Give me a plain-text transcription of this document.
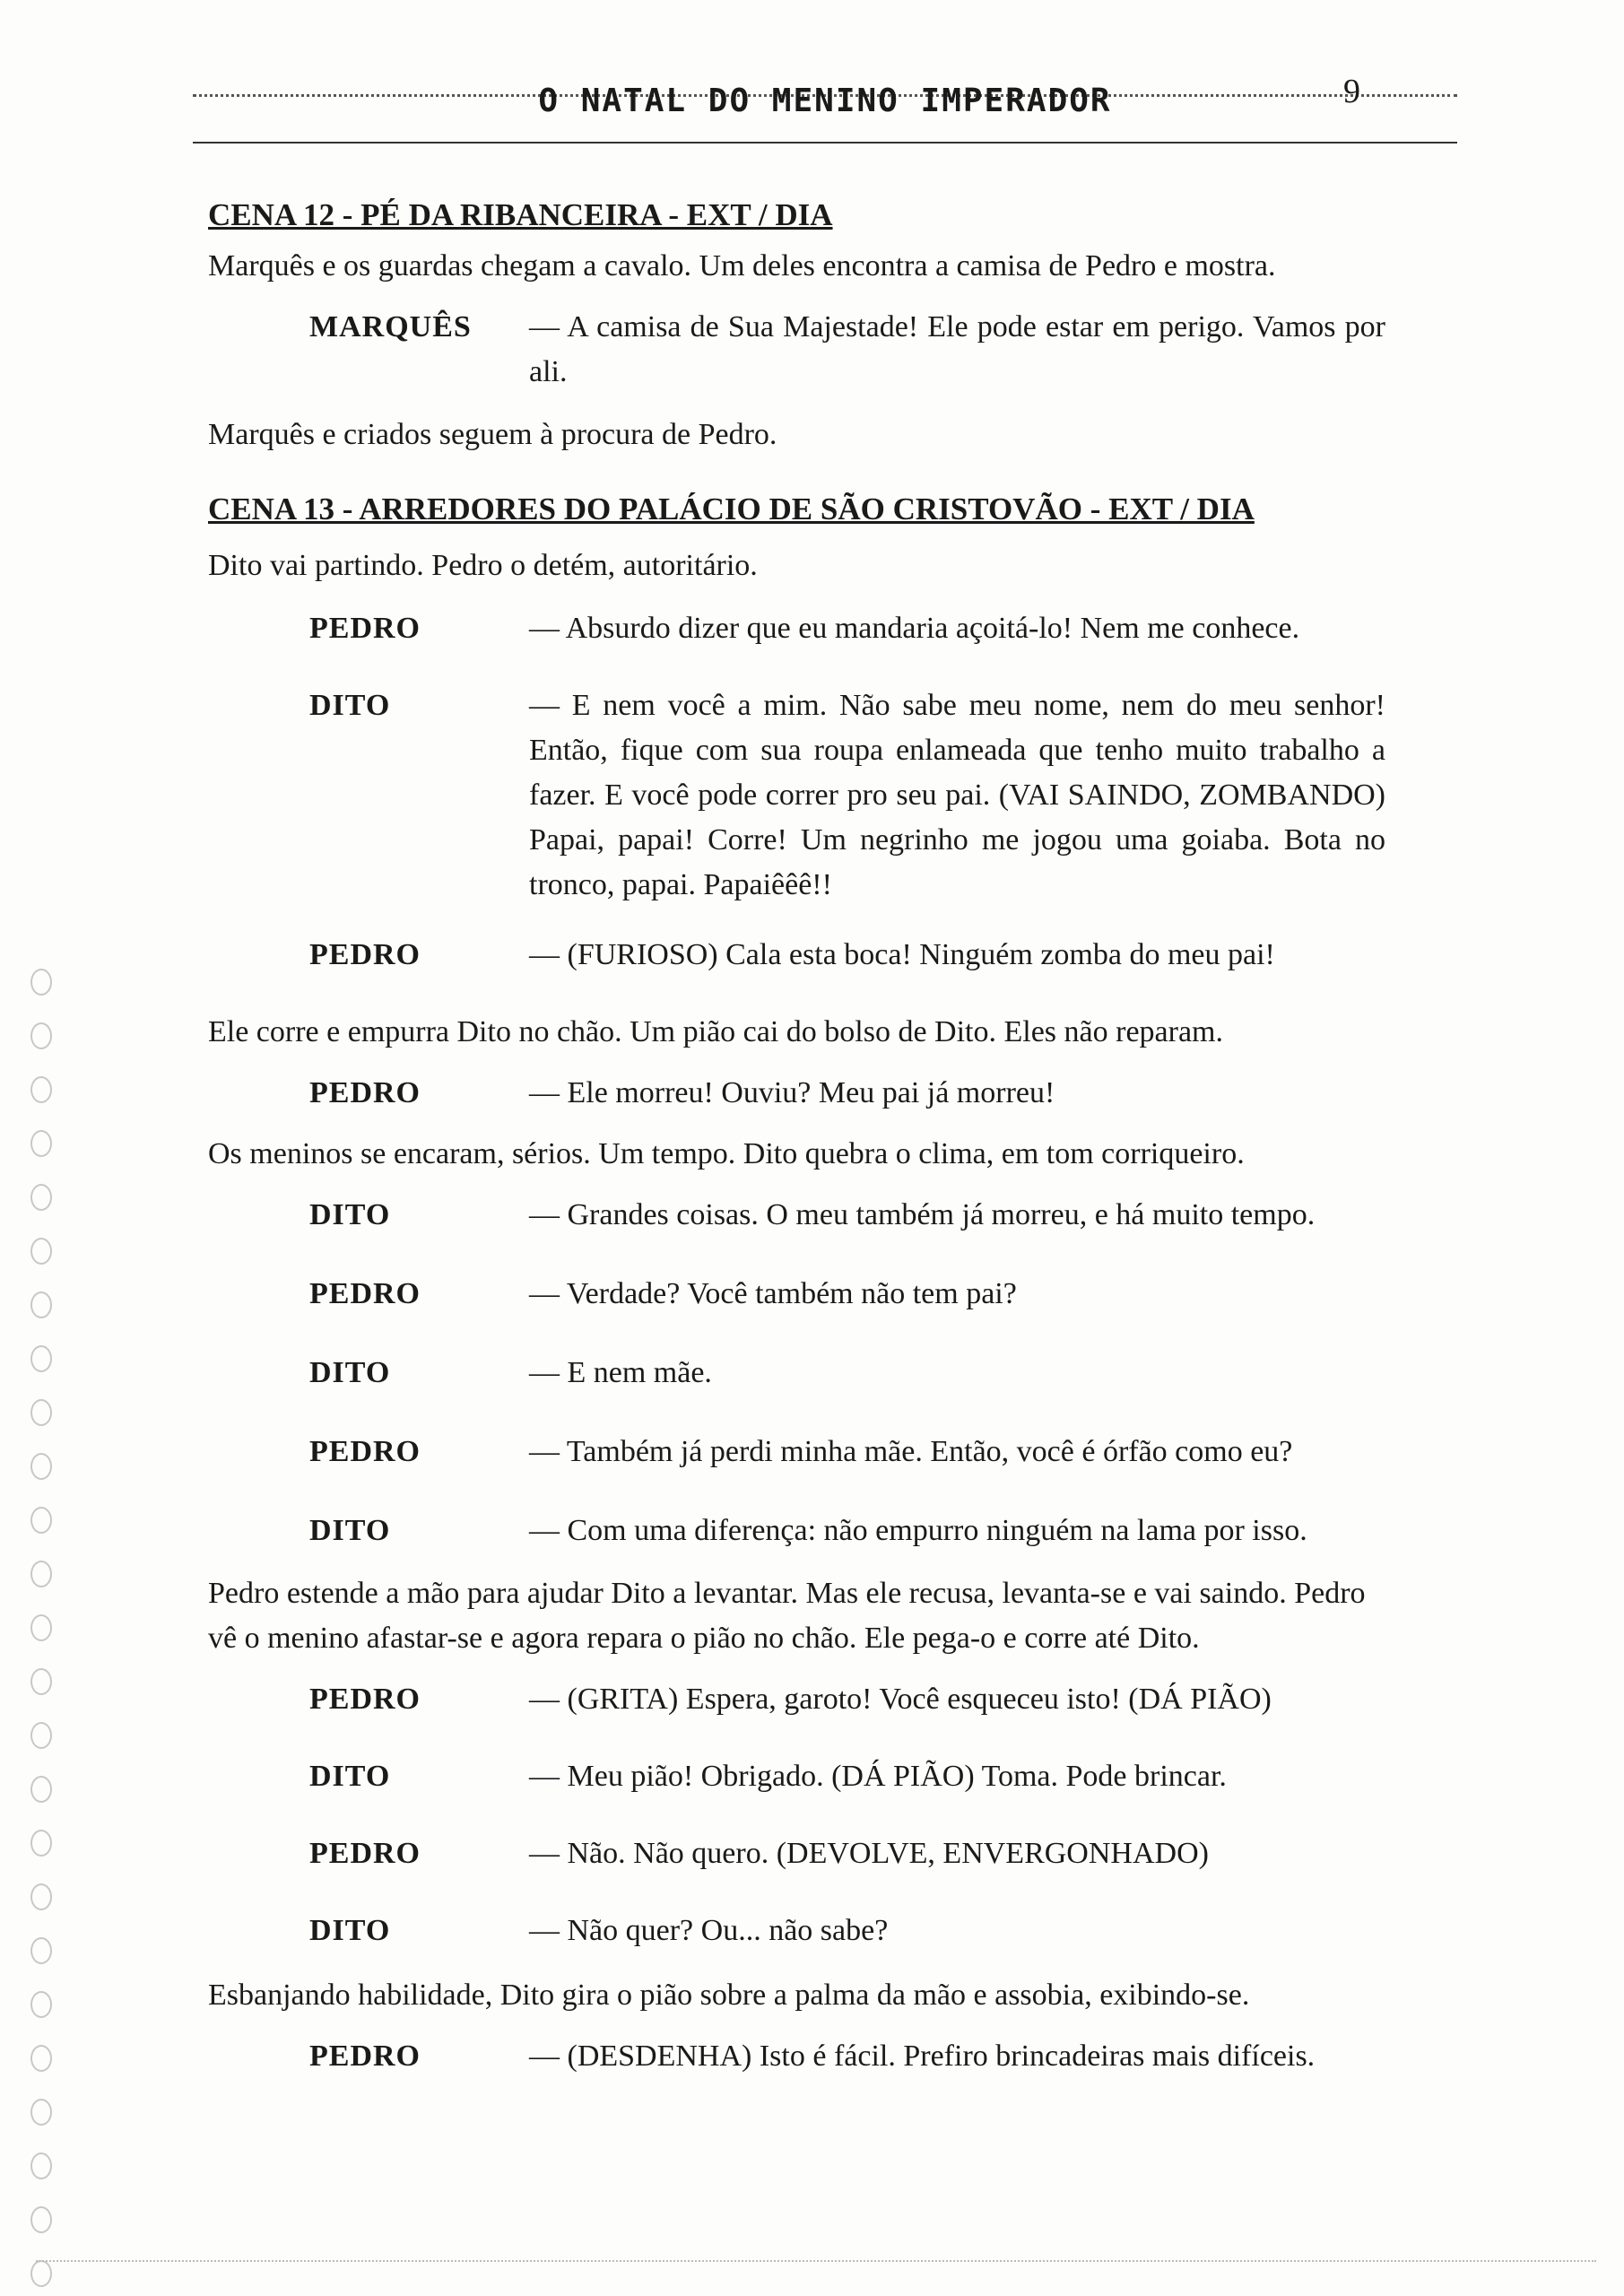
O NATAL DO MENINO IMPERADOR	9
CENA 12 - PÉ DA RIBANCEIRA - EXT / DIA
Marquês e os guardas chegam a cavalo. Um deles encontra a camisa de Pedro e mostra.
MARQUÊS	— A camisa de Sua Majestade! Ele pode estar em perigo. Vamos por ali.
Marquês e criados seguem à procura de Pedro.
CENA 13 - ARREDORES DO PALÁCIO DE SÃO CRISTOVÃO - EXT / DIA
Dito vai partindo. Pedro o detém, autoritário.
PEDRO	— Absurdo dizer que eu mandaria açoitá-lo! Nem me conhece.
DITO	— E nem você a mim. Não sabe meu nome, nem do meu senhor! Então, fique com sua roupa enlameada que tenho muito trabalho a fazer. E você pode correr pro seu pai. (VAI SAINDO, ZOMBANDO) Papai, papai! Corre! Um negrinho me jogou uma goiaba. Bota no tronco, papai. Papaiêêê!!
PEDRO	— (FURIOSO) Cala esta boca! Ninguém zomba do meu pai!
Ele corre e empurra Dito no chão. Um pião cai do bolso de Dito. Eles não reparam.
PEDRO	— Ele morreu! Ouviu? Meu pai já morreu!
Os meninos se encaram, sérios. Um tempo. Dito quebra o clima, em tom corriqueiro.
DITO	— Grandes coisas. O meu também já morreu, e há muito tempo.
PEDRO	— Verdade? Você também não tem pai?
DITO	— E nem mãe.
PEDRO	— Também já perdi minha mãe. Então, você é órfão como eu?
DITO	— Com uma diferença: não empurro ninguém na lama por isso.
Pedro estende a mão para ajudar Dito a levantar. Mas ele recusa, levanta-se e vai saindo. Pedro vê o menino afastar-se e agora repara o pião no chão. Ele pega-o e corre até Dito.
PEDRO	— (GRITA) Espera, garoto! Você esqueceu isto! (DÁ PIÃO)
DITO	— Meu pião! Obrigado. (DÁ PIÃO) Toma. Pode brincar.
PEDRO	— Não. Não quero. (DEVOLVE, ENVERGONHADO)
DITO	— Não quer? Ou... não sabe?
Esbanjando habilidade, Dito gira o pião sobre a palma da mão e assobia, exibindo-se.
PEDRO	— (DESDENHA) Isto é fácil. Prefiro brincadeiras mais difíceis.
